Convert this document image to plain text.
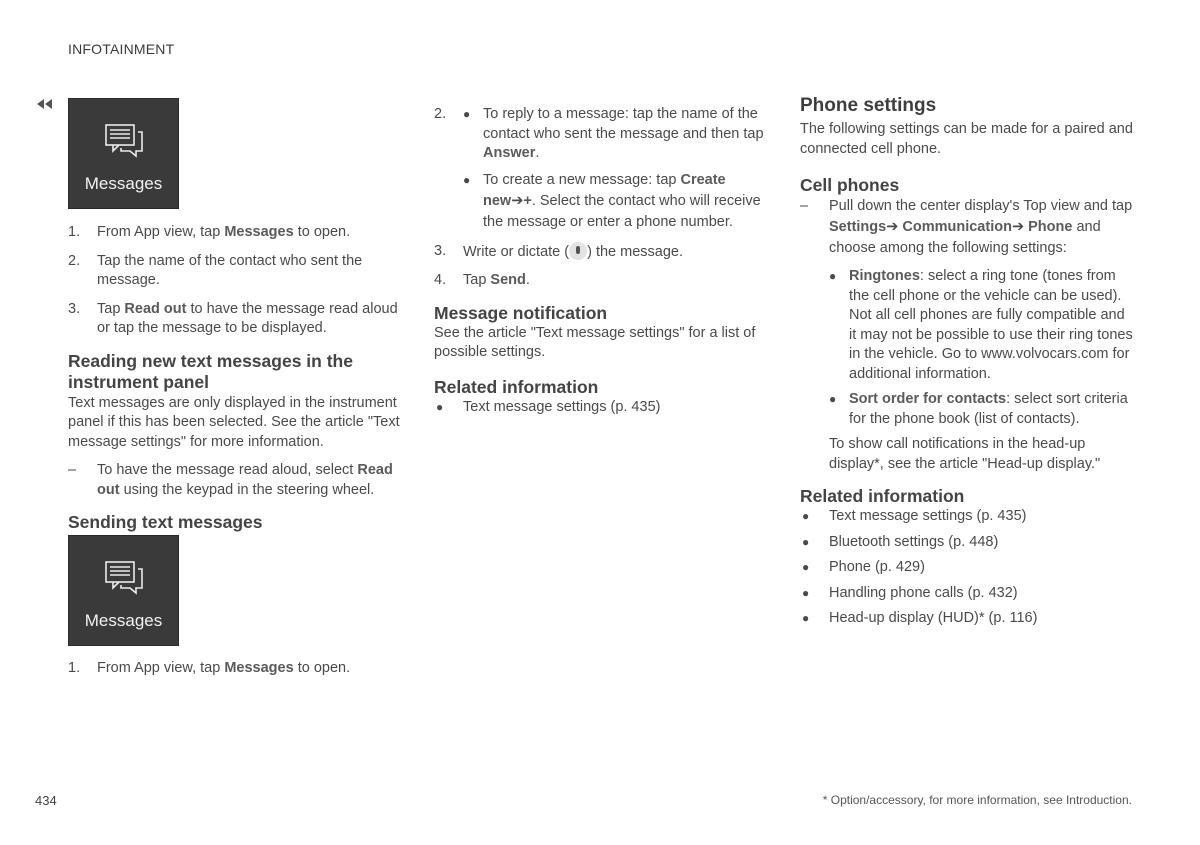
INFOTAINMENT
Messages
1. From App view, tap Messages to open.
2. Tap the name of the contact who sent the message.
3. Tap Read out to have the message read aloud or tap the message to be displayed.
Reading new text messages in the instrument panel

Text messages are only displayed in the instrument panel if this has been selected. See the article "Text message settings" for more information.

– To have the message read aloud, select Read out using the keypad in the steering wheel.
Sending text messages
Messages
1. From App view, tap Messages to open.
2. ● To reply to a message: tap the name of the contact who sent the message and then tap Answer.
● To create a new message: tap Create new➔+. Select the contact who will receive the message or enter a phone number.
3. Write or dictate ( ) the message.
4. Tap Send.
Message notification

See the article "Text message settings" for a list of possible settings.

Related information
● Text message settings (p. 435)
Phone settings

The following settings can be made for a paired and connected cell phone.

Cell phones
– Pull down the center display's Top view and tap Settings➔ Communication➔ Phone and choose among the following settings:
● Ringtones: select a ring tone (tones from the cell phone or the vehicle can be used). Not all cell phones are fully compatible and it may not be possible to use their ring tones in the vehicle. Go to www.volvocars.com for additional information.
● Sort order for contacts: select sort criteria for the phone book (list of contacts).

To show call notifications in the head-up display*, see the article "Head-up display."

Related information
● Text message settings (p. 435)
● Bluetooth settings (p. 448)
● Phone (p. 429)
● Handling phone calls (p. 432)
● Head-up display (HUD)* (p. 116)
434	* Option/accessory, for more information, see Introduction.
